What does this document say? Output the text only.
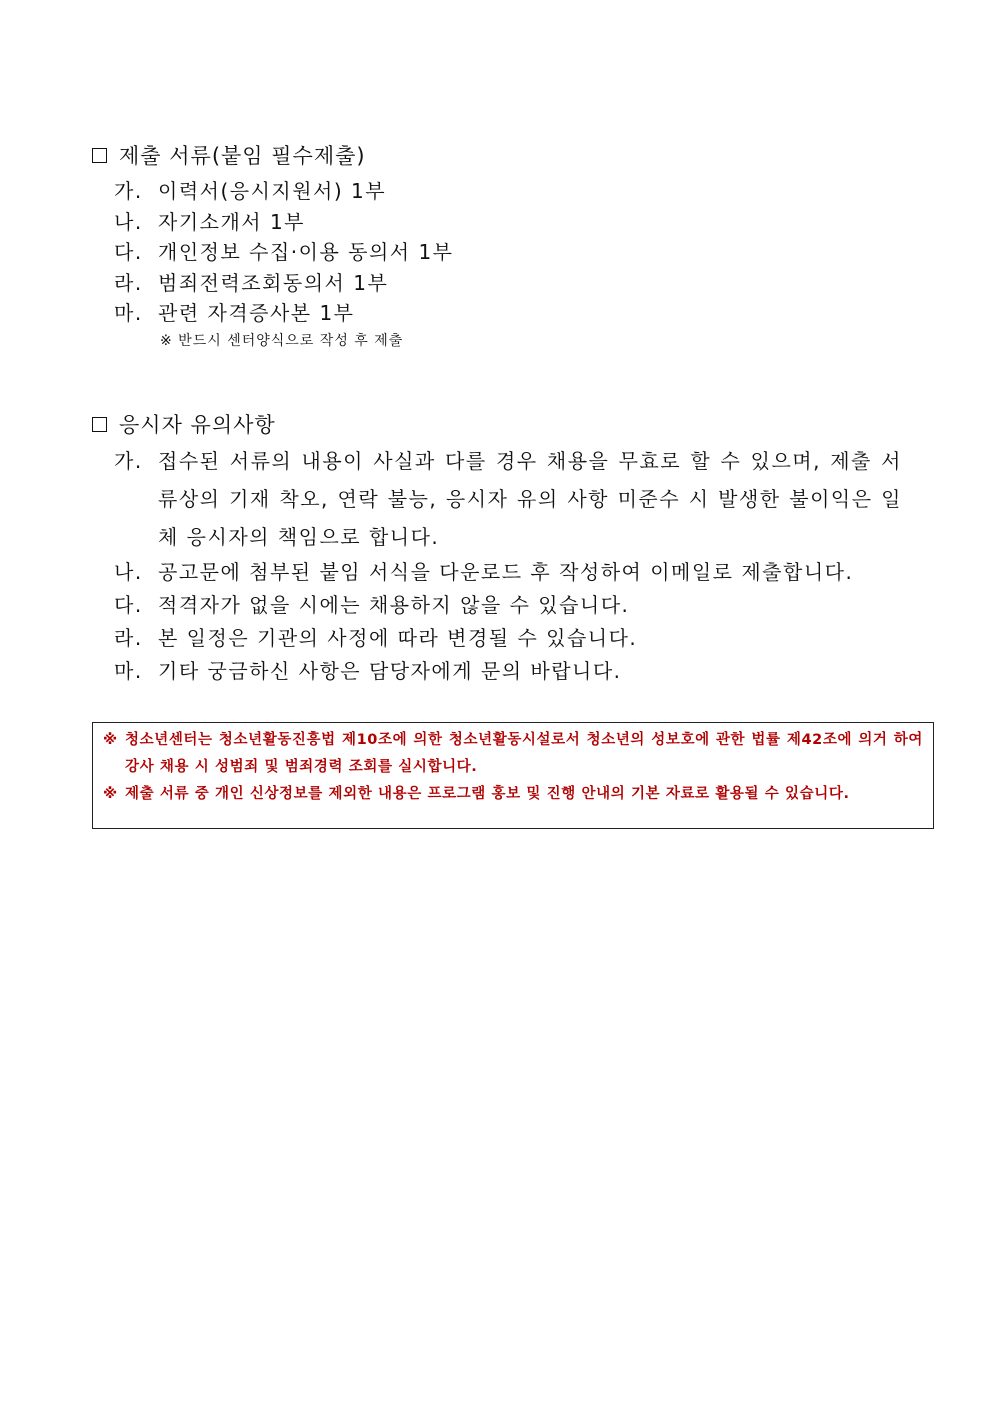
제출 서류(붙임 필수제출)
가. 이력서(응시지원서) 1부
나. 자기소개서 1부
다. 개인정보 수집·이용 동의서 1부
라. 범죄전력조회동의서 1부
마. 관련 자격증사본 1부
※ 반드시 센터양식으로 작성 후 제출
응시자 유의사항
가. 접수된 서류의 내용이 사실과 다를 경우 채용을 무효로 할 수 있으며, 제출 서류상의 기재 착오, 연락 불능, 응시자 유의 사항 미준수 시 발생한 불이익은 일체 응시자의 책임으로 합니다.
나. 공고문에 첨부된 붙임 서식을 다운로드 후 작성하여 이메일로 제출합니다.
다. 적격자가 없을 시에는 채용하지 않을 수 있습니다.
라. 본 일정은 기관의 사정에 따라 변경될 수 있습니다.
마. 기타 궁금하신 사항은 담당자에게 문의 바랍니다.

※ 청소년센터는 청소년활동진흥법 제10조에 의한 청소년활동시설로서 청소년의 성보호에 관한 법률 제42조에 의거 하여 강사 채용 시 성범죄 및 범죄경력 조회를 실시합니다.

※ 제출 서류 중 개인 신상정보를 제외한 내용은 프로그램 홍보 및 진행 안내의 기본 자료로 활용될 수 있습니다.
